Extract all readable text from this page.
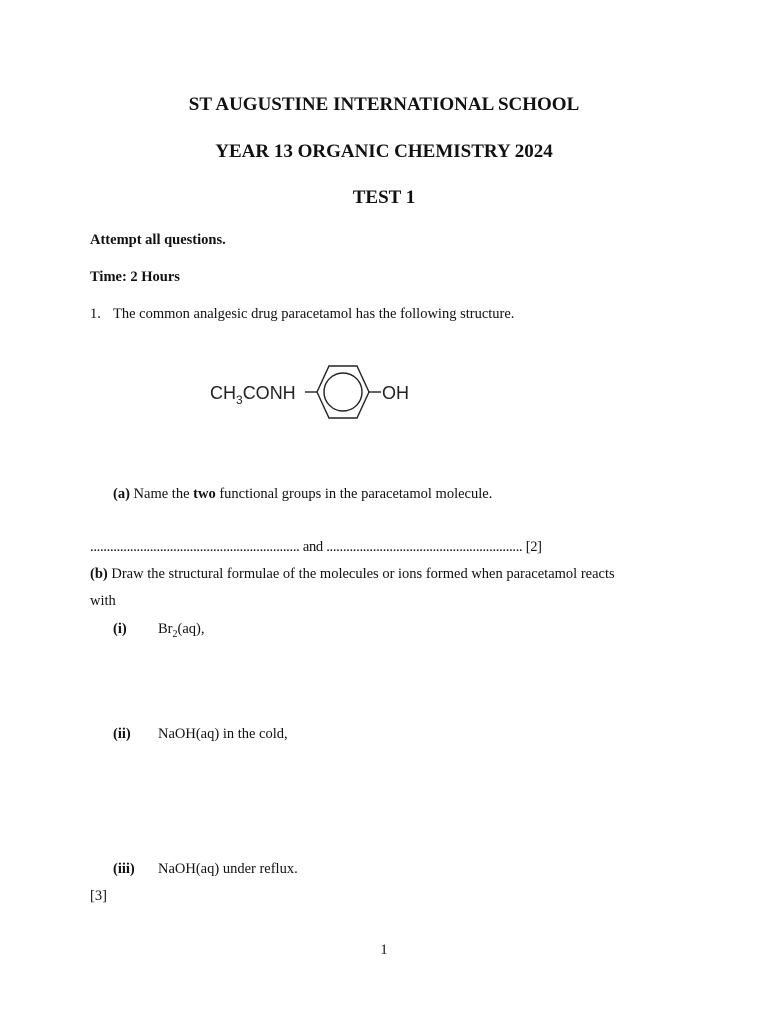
ST AUGUSTINE INTERNATIONAL SCHOOL
YEAR 13 ORGANIC CHEMISTRY 2024
TEST 1
Attempt all questions.
Time: 2 Hours
1. The common analgesic drug paracetamol has the following structure.
$CH_3CONH$	OH
(a) Name the two functional groups in the paracetamol molecule.
............................................................... and ........................................................... [2]
(b) Draw the structural formulae of the molecules or ions formed when paracetamol reacts
with
(i) $Br_2(aq)$,
(ii) NaOH(aq) in the cold,
(iii) NaOH(aq) under reflux.
[3]
1
